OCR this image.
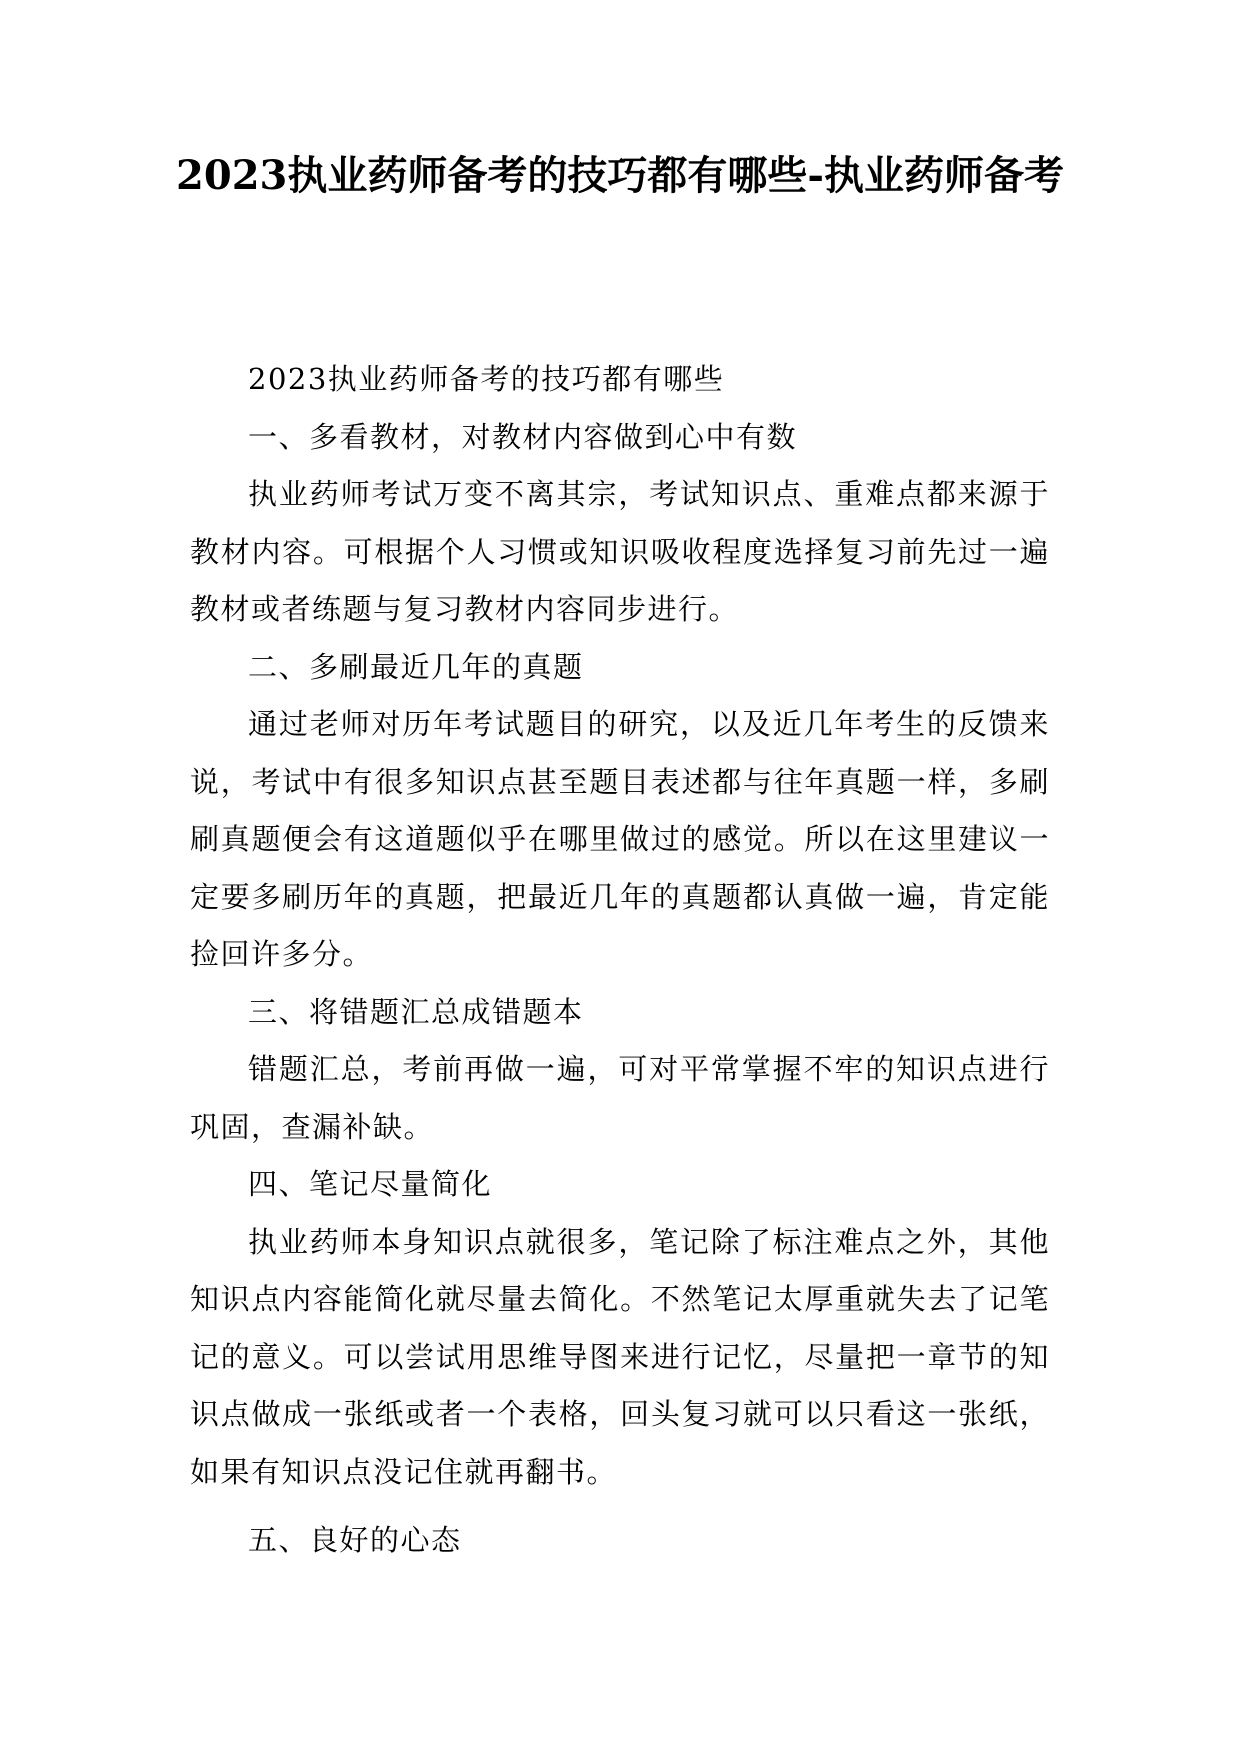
2023执业药师备考的技巧都有哪些-执业药师备考

2023执业药师备考的技巧都有哪些

一、多看教材，对教材内容做到心中有数

执业药师考试万变不离其宗，考试知识点、重难点都来源于教材内容。可根据个人习惯或知识吸收程度选择复习前先过一遍教材或者练题与复习教材内容同步进行。

二、多刷最近几年的真题

通过老师对历年考试题目的研究，以及近几年考生的反馈来说，考试中有很多知识点甚至题目表述都与往年真题一样，多刷刷真题便会有这道题似乎在哪里做过的感觉。所以在这里建议一定要多刷历年的真题，把最近几年的真题都认真做一遍，肯定能捡回许多分。

三、将错题汇总成错题本

错题汇总，考前再做一遍，可对平常掌握不牢的知识点进行巩固，查漏补缺。

四、笔记尽量简化

执业药师本身知识点就很多，笔记除了标注难点之外，其他知识点内容能简化就尽量去简化。不然笔记太厚重就失去了记笔记的意义。可以尝试用思维导图来进行记忆，尽量把一章节的知识点做成一张纸或者一个表格，回头复习就可以只看这一张纸，如果有知识点没记住就再翻书。

五、良好的心态
